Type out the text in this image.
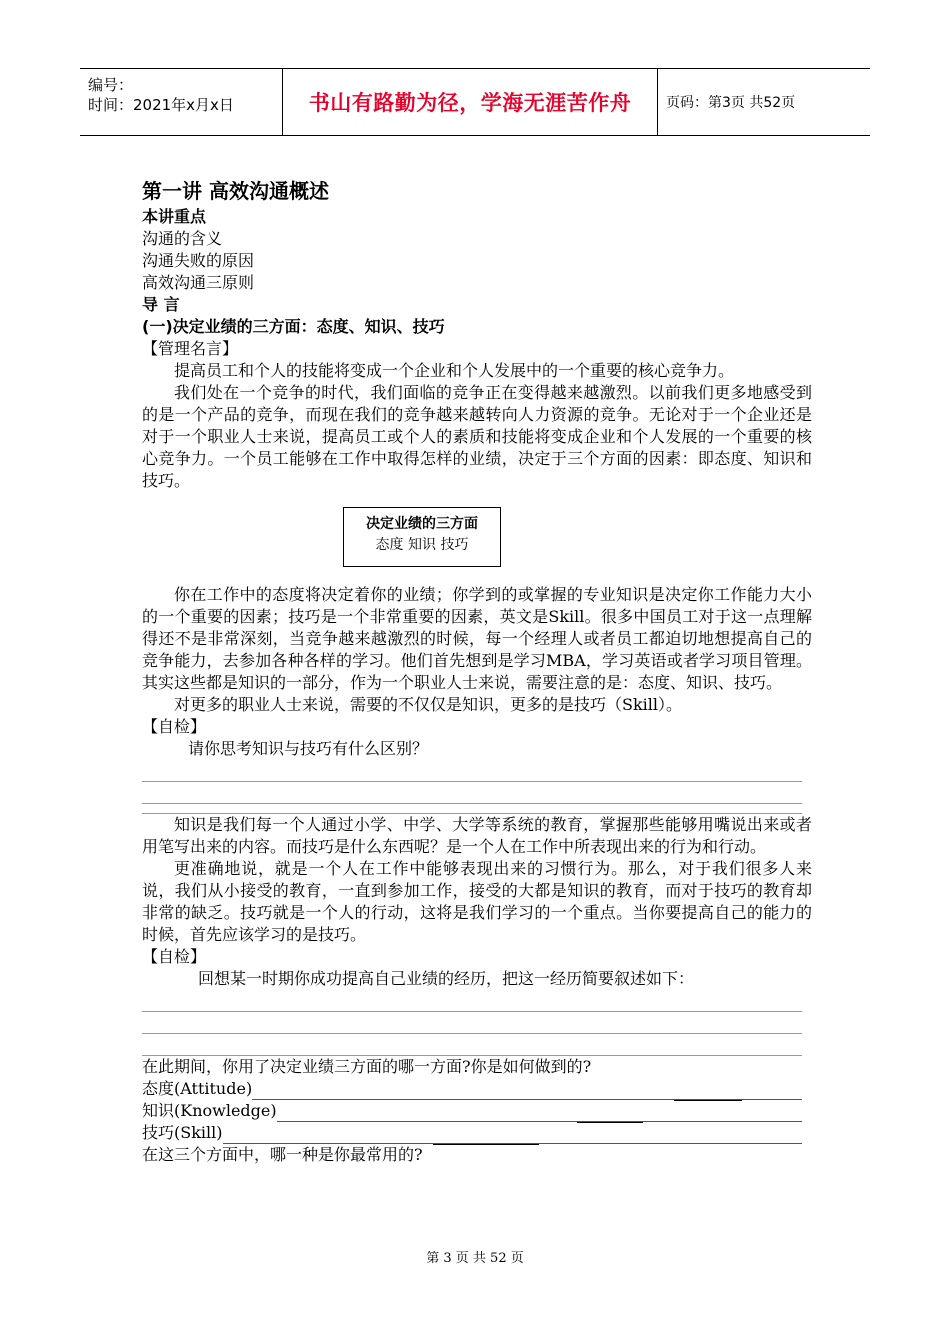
编号：
时间：2021年x月x日	书山有路勤为径，学海无涯苦作舟	页码：第3页 共52页
第一讲 高效沟通概述
本讲重点
沟通的含义
沟通失败的原因
高效沟通三原则
导 言
(一)决定业绩的三方面：态度、知识、技巧
【管理名言】
提高员工和个人的技能将变成一个企业和个人发展中的一个重要的核心竞争力。
我们处在一个竞争的时代，我们面临的竞争正在变得越来越激烈。以前我们更多地感受到的是一个产品的竞争，而现在我们的竞争越来越转向人力资源的竞争。无论对于一个企业还是对于一个职业人士来说，提高员工或个人的素质和技能将变成企业和个人发展的一个重要的核心竞争力。一个员工能够在工作中取得怎样的业绩，决定于三个方面的因素：即态度、知识和技巧。
决定业绩的三方面
态度 知识 技巧
你在工作中的态度将决定着你的业绩；你学到的或掌握的专业知识是决定你工作能力大小的一个重要的因素；技巧是一个非常重要的因素，英文是Skill。很多中国员工对于这一点理解得还不是非常深刻，当竞争越来越激烈的时候，每一个经理人或者员工都迫切地想提高自己的竞争能力，去参加各种各样的学习。他们首先想到是学习MBA，学习英语或者学习项目管理。其实这些都是知识的一部分，作为一个职业人士来说，需要注意的是：态度、知识、技巧。
对更多的职业人士来说，需要的不仅仅是知识，更多的是技巧（Skill）。
【自检】
请你思考知识与技巧有什么区别？
知识是我们每一个人通过小学、中学、大学等系统的教育，掌握那些能够用嘴说出来或者用笔写出来的内容。而技巧是什么东西呢？是一个人在工作中所表现出来的行为和行动。
更准确地说，就是一个人在工作中能够表现出来的习惯行为。那么，对于我们很多人来说，我们从小接受的教育，一直到参加工作，接受的大都是知识的教育，而对于技巧的教育却非常的缺乏。技巧就是一个人的行动，这将是我们学习的一个重点。当你要提高自己的能力的时候，首先应该学习的是技巧。
【自检】
回想某一时期你成功提高自己业绩的经历，把这一经历简要叙述如下：
在此期间，你用了决定业绩三方面的哪一方面?你是如何做到的?
态度(Attitude)
知识(Knowledge)
技巧(Skill)
在这三个方面中，哪一种是你最常用的?
第 3 页 共 52 页
